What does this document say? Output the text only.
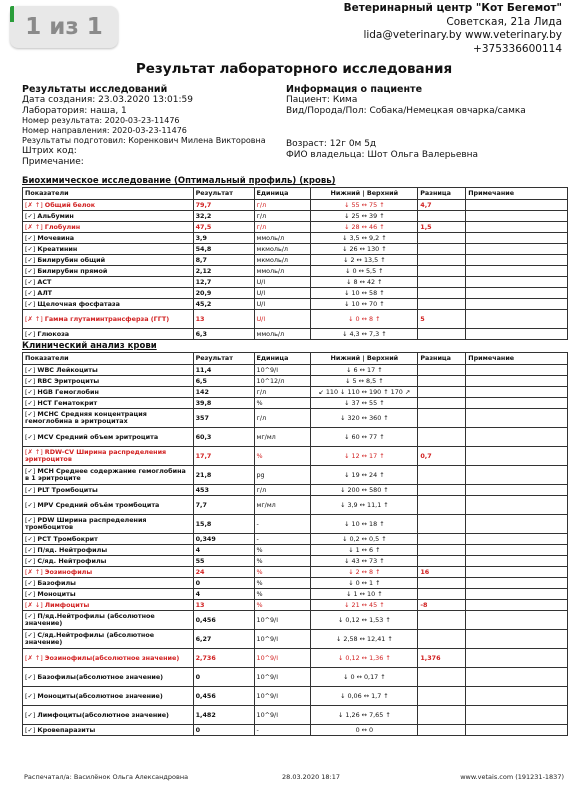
1 из 1
Ветеринарный центр "Кот Бегемот"
Советская, 21а Лида
lida@veterinary.by www.veterinary.by
+375336600114
Результат лабораторного исследования
Результаты исследований
Дата создания: 23.03.2020 13:01:59
Лаборатория: наша, 1
Номер результата: 2020-03-23-11476
Номер направления: 2020-03-23-11476
Результаты подготовил: Коренкович Милена Викторовна
Штрих код:
Примечание:
Информация о пациенте
Пациент: Кима
Вид/Порода/Пол: Собака/Немецкая овчарка/самка
Возраст: 12г 0м 5д
ФИО владельца: Шот Ольга Валерьевна
Биохимическое исследование (Оптимальный профиль) (кровь)
Показатели	Результат	Единица	Нижний | Верхний	Разница	Примечание
[✗ ↑] Общий белок	79,7	г/л	↓ 55 ↔ 75 ↑	4,7	
[✓] Альбумин	32,2	г/л	↓ 25 ↔ 39 ↑		
[✗ ↑] Глобулин	47,5	г/л	↓ 28 ↔ 46 ↑	1,5	
[✓] Мочевина	3,9	ммоль/л	↓ 3,5 ↔ 9,2 ↑		
[✓] Креатинин	54,8	мкмоль/л	↓ 26 ↔ 130 ↑		
[✓] Билирубин общий	8,7	мкмоль/л	↓ 2 ↔ 13,5 ↑		
[✓] Билирубин прямой	2,12	ммоль/л	↓ 0 ↔ 5,5 ↑		
[✓] АСТ	12,7	U/l	↓ 8 ↔ 42 ↑		
[✓] АЛТ	20,9	U/l	↓ 10 ↔ 58 ↑		
[✓] Щелочная фосфатаза	45,2	U/l	↓ 10 ↔ 70 ↑		
[✗ ↑] Гамма глутаминтрансферза (ГГТ)	13	U/l	↓ 0 ↔ 8 ↑	5	
[✓] Глюкоза	6,3	ммоль/л	↓ 4,3 ↔ 7,3 ↑		
Клинический анализ крови
Показатели	Результат	Единица	Нижний | Верхний	Разница	Примечание
[✓] WBC Лейкоциты	11,4	10^9/l	↓ 6 ↔ 17 ↑		
[✓] RBC Эритроциты	6,5	10^12/л	↓ 5 ↔ 8,5 ↑		
[✓] HGB Гемоглобин	142	г/л	↙ 110 ↓ 110 ↔ 190 ↑ 170 ↗		
[✓] HCT Гематокрит	39,8	%	↓ 37 ↔ 55 ↑		
[✓] MCHC Средняя концентрация гемоглобина в эритроцитах	357	г/л	↓ 320 ↔ 360 ↑		
[✓] MCV Средний объем эритроцита	60,3	мг/мл	↓ 60 ↔ 77 ↑		
[✗ ↑] RDW-CV Ширина распределения эритроцитов	17,7	%	↓ 12 ↔ 17 ↑	0,7	
[✓] MCH Среднее содержание гемоглобина в 1 эритроците	21,8	pg	↓ 19 ↔ 24 ↑		
[✓] PLT Тромбоциты	453	г/л	↓ 200 ↔ 580 ↑		
[✓] MPV Средний объём тромбоцита	7,7	мг/мл	↓ 3,9 ↔ 11,1 ↑		
[✓] PDW Ширина распределения тромбоцитов	15,8	-	↓ 10 ↔ 18 ↑		
[✓] PCT Тромбокрит	0,349	-	↓ 0,2 ↔ 0,5 ↑		
[✓] П/яд. Нейтрофилы	4	%	↓ 1 ↔ 6 ↑		
[✓] С/яд. Нейтрофилы	55	%	↓ 43 ↔ 73 ↑		
[✗ ↑] Эозинофилы	24	%	↓ 2 ↔ 8 ↑	16	
[✓] Базофилы	0	%	↓ 0 ↔ 1 ↑		
[✓] Моноциты	4	%	↓ 1 ↔ 10 ↑		
[✗ ↓] Лимфоциты	13	%	↓ 21 ↔ 45 ↑	-8	
[✓] П/яд.Нейтрофилы (абсолютное значение)	0,456	10^9/l	↓ 0,12 ↔ 1,53 ↑		
[✓] С/яд.Нейтрофилы (абсолютное значение)	6,27	10^9/l	↓ 2,58 ↔ 12,41 ↑		
[✗ ↑] Эозинофилы(абсолютное значение)	2,736	10^9/l	↓ 0,12 ↔ 1,36 ↑	1,376	
[✓] Базофилы(абсолютное значение)	0	10^9/l	↓ 0 ↔ 0,17 ↑		
[✓] Моноциты(абсолютное значение)	0,456	10^9/l	↓ 0,06 ↔ 1,7 ↑		
[✓] Лимфоциты(абсолютное значение)	1,482	10^9/l	↓ 1,26 ↔ 7,65 ↑		
[✓] Кровепаразиты	0	-	0 ↔ 0		
Распечатал/а: Василёнок Ольга Александровна	28.03.2020 18:17	www.vetais.com (191231-1837)
